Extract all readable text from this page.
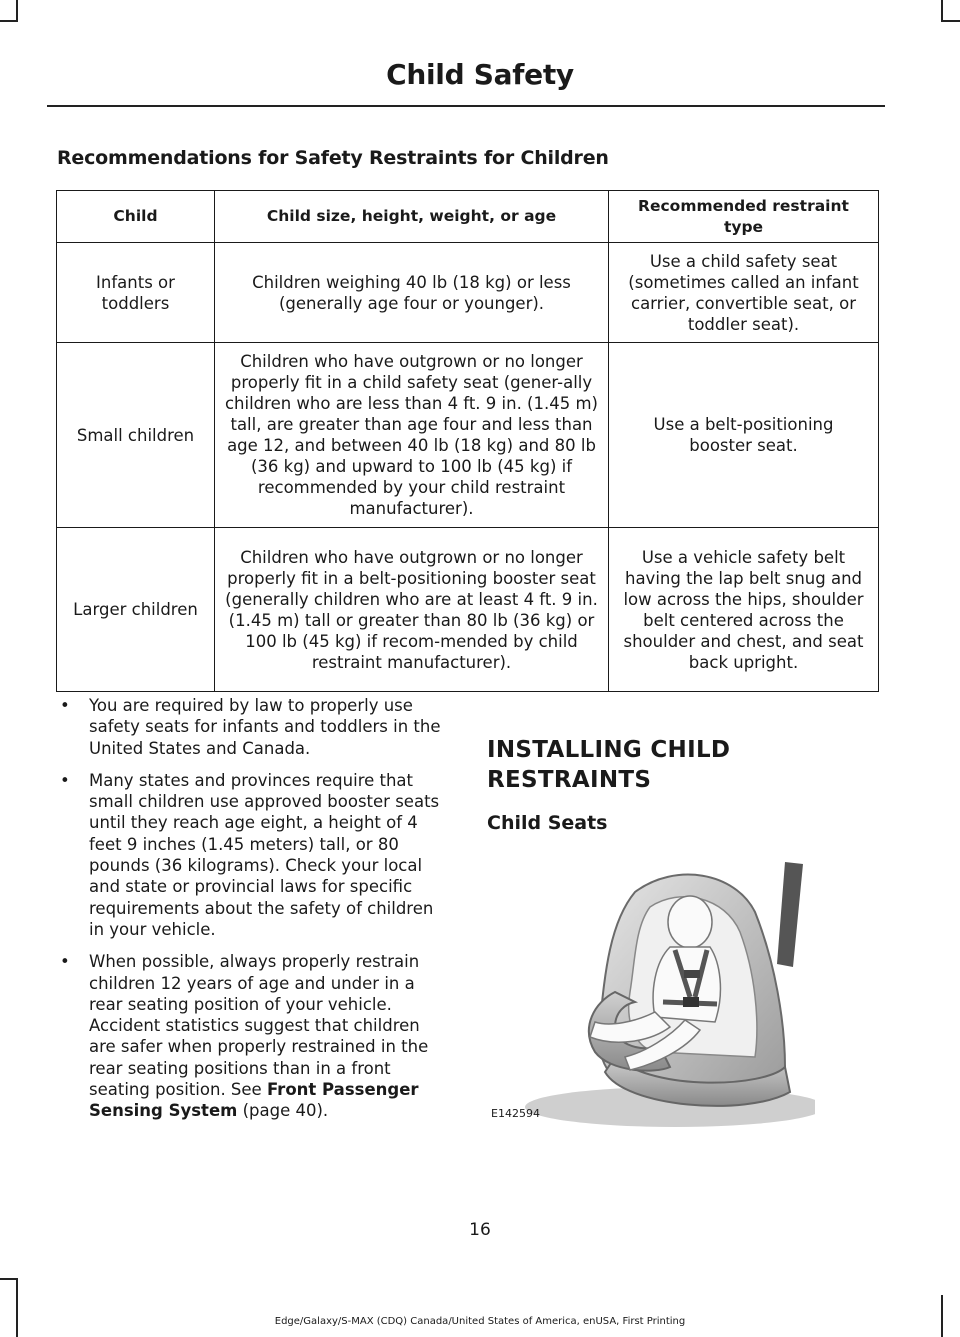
Child Safety
Recommendations for Safety Restraints for Children
Child	Child size, height, weight, or age	Recommended restraint type
Infants or toddlers	Children weighing 40 lb (18 kg) or less (generally age four or younger).	Use a child safety seat (sometimes called an infant carrier, convertible seat, or toddler seat).
Small children	Children who have outgrown or no longer properly fit in a child safety seat (gener-ally children who are less than 4 ft. 9 in. (1.45 m) tall, are greater than age four and less than age 12, and between 40 lb (18 kg) and 80 lb (36 kg) and upward to 100 lb (45 kg) if recommended by your child restraint manufacturer).	Use a belt-positioning booster seat.
Larger children	Children who have outgrown or no longer properly fit in a belt-positioning booster seat (generally children who are at least 4 ft. 9 in. (1.45 m) tall or greater than 80 lb (36 kg) or 100 lb (45 kg) if recom-mended by child restraint manufacturer).	Use a vehicle safety belt having the lap belt snug and low across the hips, shoulder belt centered across the shoulder and chest, and seat back upright.
• You are required by law to properly use safety seats for infants and toddlers in the United States and Canada.
• Many states and provinces require that small children use approved booster seats until they reach age eight, a height of 4 feet 9 inches (1.45 meters) tall, or 80 pounds (36 kilograms). Check your local and state or provincial laws for specific requirements about the safety of children in your vehicle.
• When possible, always properly restrain children 12 years of age and under in a rear seating position of your vehicle. Accident statistics suggest that children are safer when properly restrained in the rear seating positions than in a front seating position. See Front Passenger Sensing System (page 40).
INSTALLING CHILD RESTRAINTS
Child Seats
E142594
16
Edge/Galaxy/S-MAX (CDQ) Canada/United States of America, enUSA, First Printing
